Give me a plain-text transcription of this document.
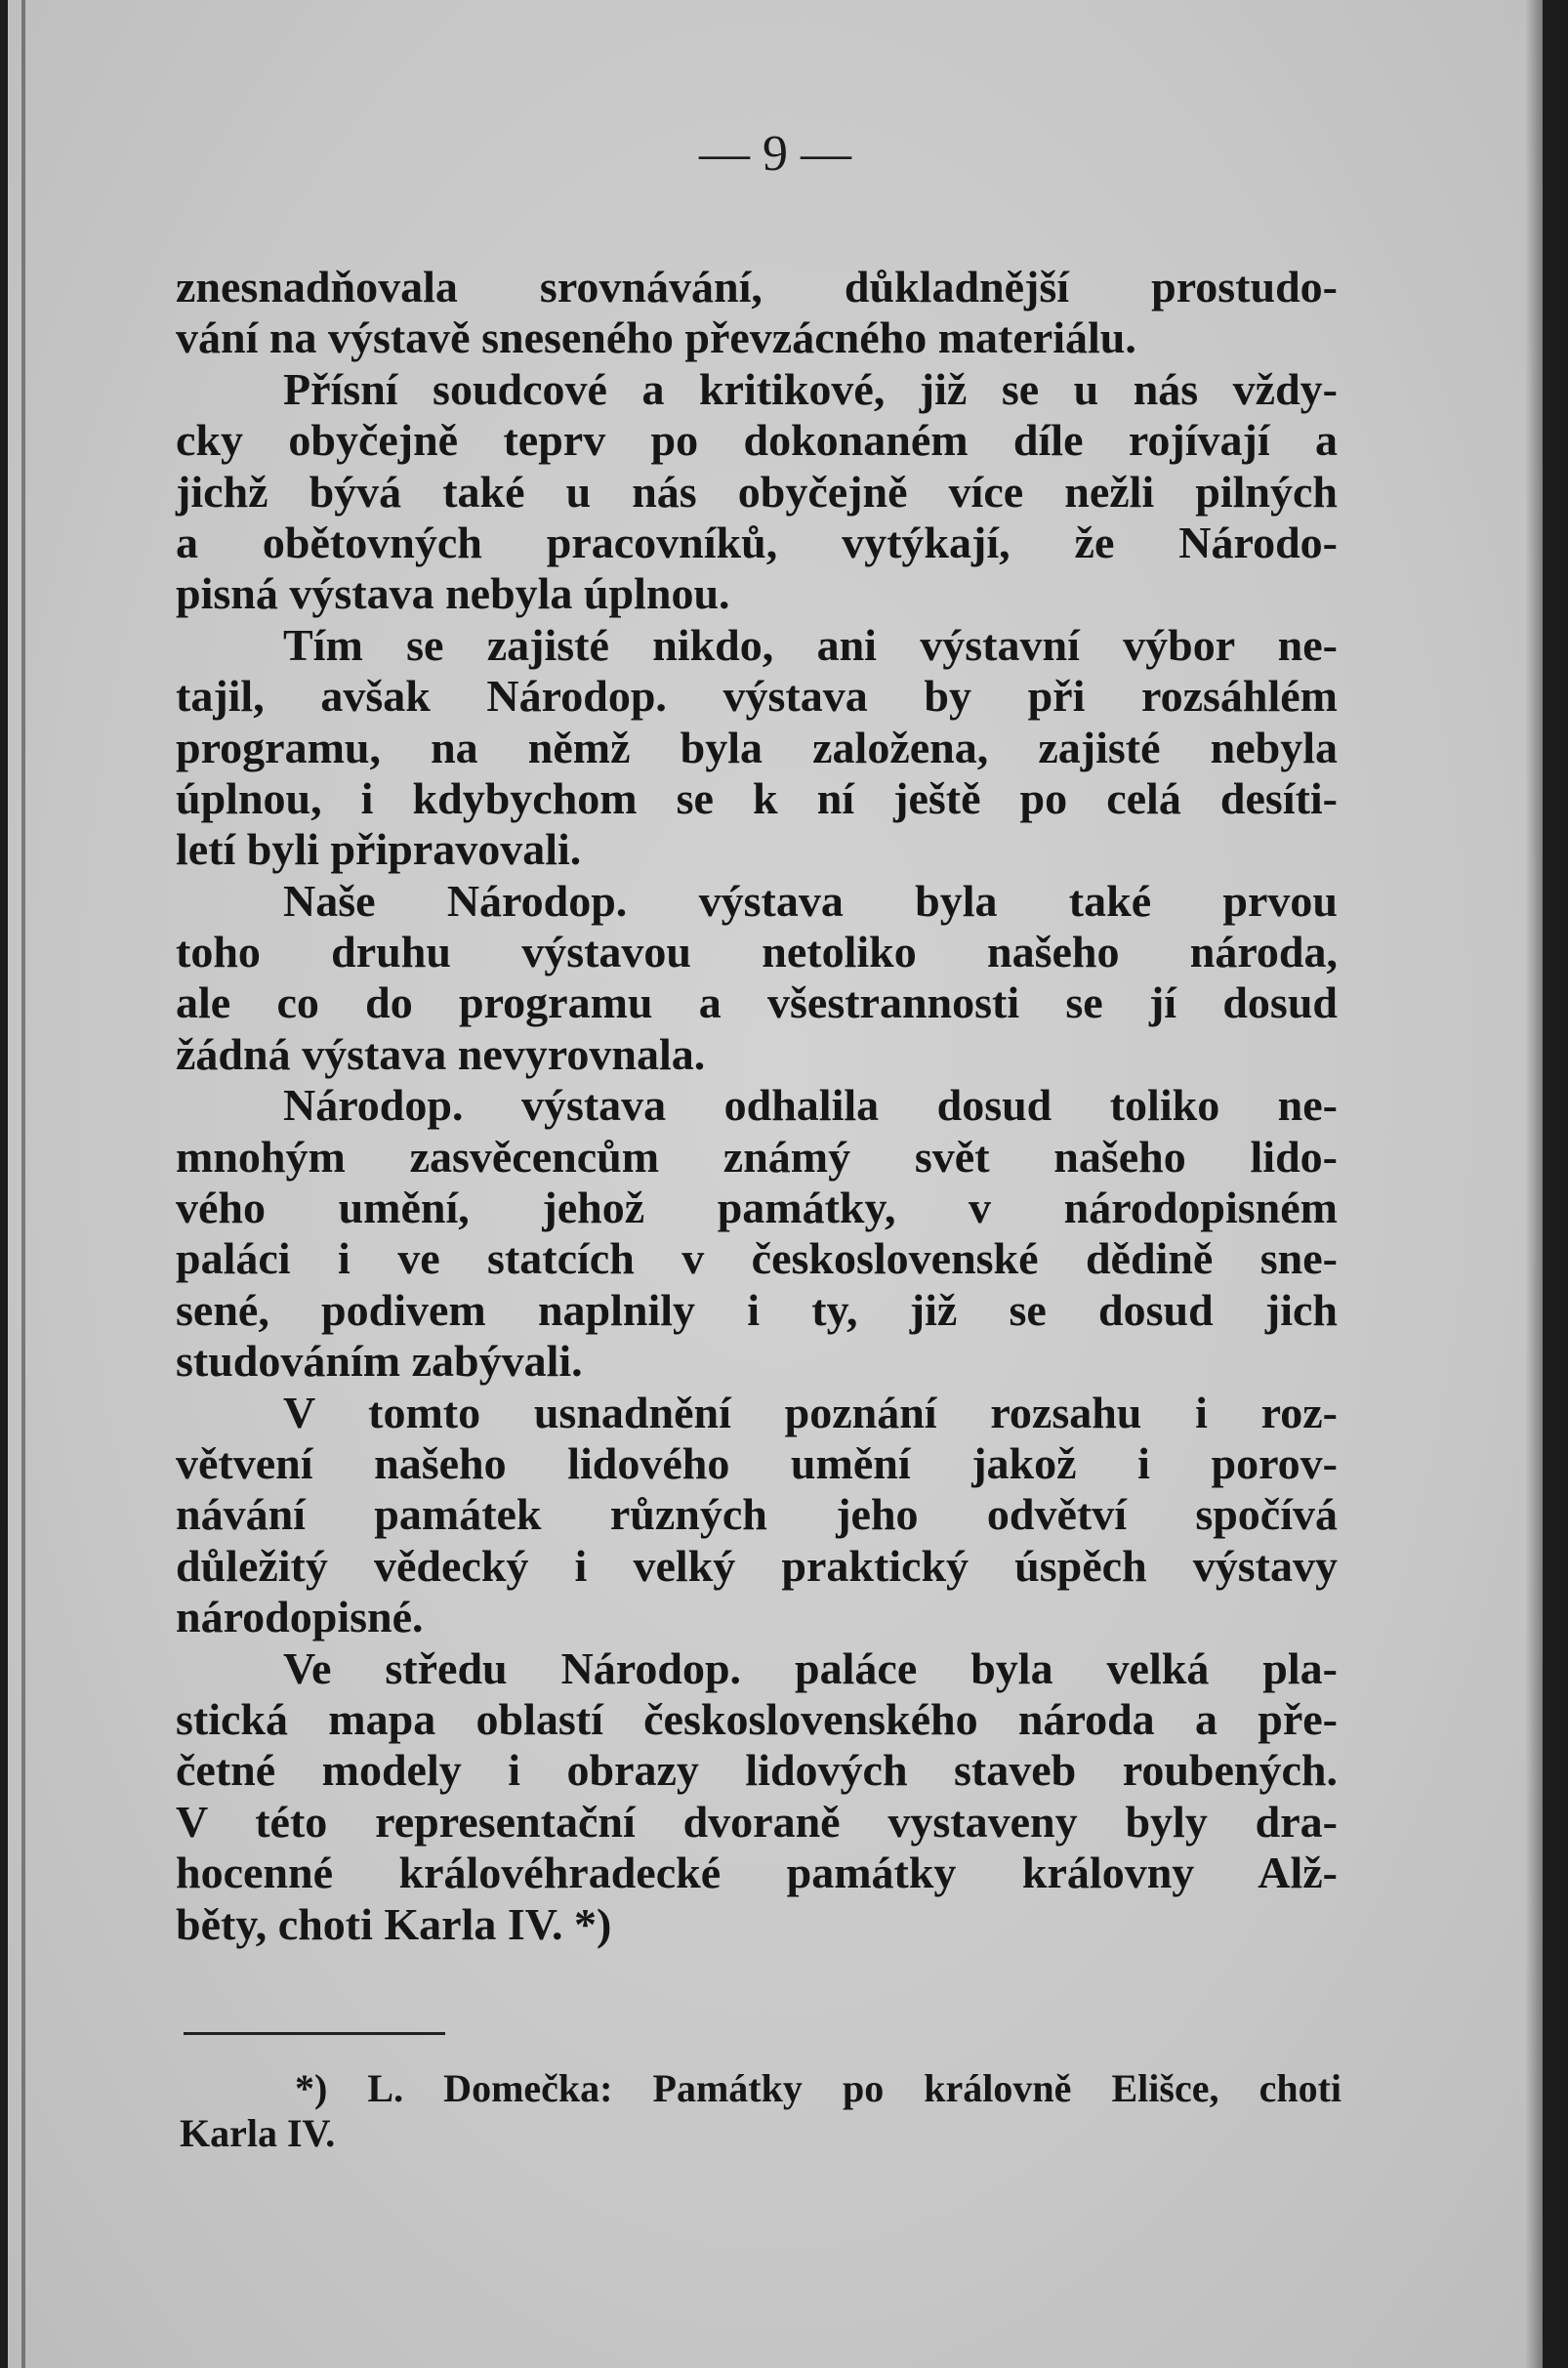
— 9 —
znesnadňovala srovnávání, důkladnější prostudo-
vání na výstavě sneseného převzácného materiálu.
Přísní soudcové a kritikové, již se u nás vždy-
cky obyčejně teprv po dokonaném díle rojívají a
jichž bývá také u nás obyčejně více nežli pilných
a obětovných pracovníků, vytýkají, že Národo-
pisná výstava nebyla úplnou.
Tím se zajisté nikdo, ani výstavní výbor ne-
tajil, avšak Národop. výstava by při rozsáhlém
programu, na němž byla založena, zajisté nebyla
úplnou, i kdybychom se k ní ještě po celá desíti-
letí byli připravovali.
Naše Národop. výstava byla také prvou
toho druhu výstavou netoliko našeho národa,
ale co do programu a všestrannosti se jí dosud
žádná výstava nevyrovnala.
Národop. výstava odhalila dosud toliko ne-
mnohým zasvěcencům známý svět našeho lido-
vého umění, jehož památky, v národopisném
paláci i ve statcích v československé dědině sne-
sené, podivem naplnily i ty, již se dosud jich
studováním zabývali.
V tomto usnadnění poznání rozsahu i roz-
větvení našeho lidového umění jakož i porov-
návání památek různých jeho odvětví spočívá
důležitý vědecký i velký praktický úspěch výstavy
národopisné.
Ve středu Národop. paláce byla velká pla-
stická mapa oblastí československého národa a pře-
četné modely i obrazy lidových staveb roubených.
V této representační dvoraně vystaveny byly dra-
hocenné královéhradecké památky královny Alž-
běty, choti Karla IV. *)
*) L. Domečka: Památky po královně Elišce, choti
Karla IV.
